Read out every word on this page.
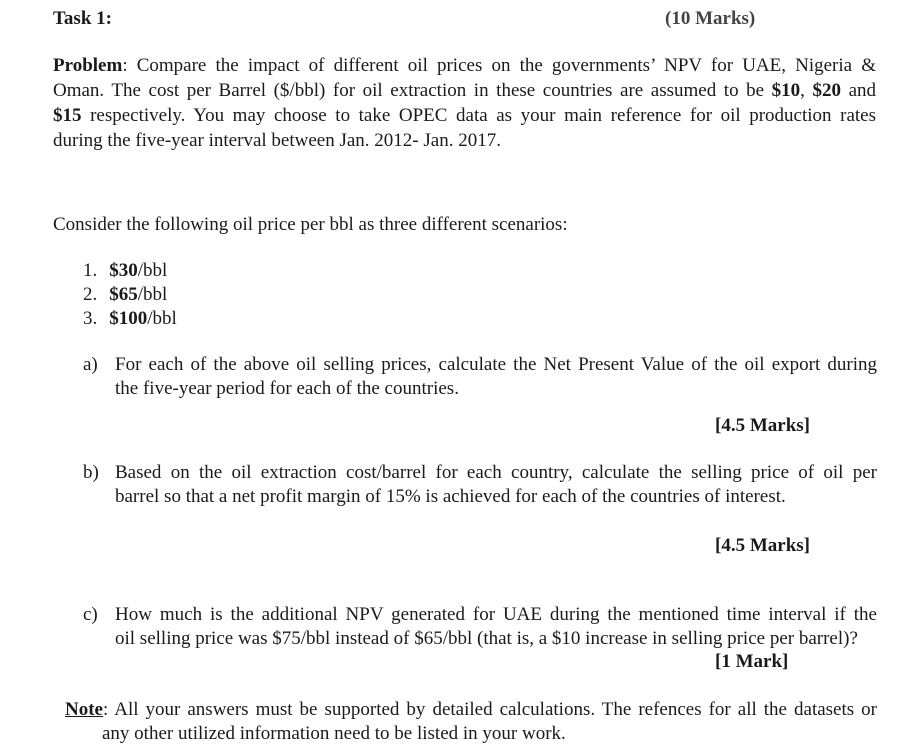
Task 1:	(10 Marks)
Problem: Compare the impact of different oil prices on the governments’ NPV for UAE, Nigeria &
Oman. The cost per Barrel ($/bbl) for oil extraction in these countries are assumed to be $10, $20 and
$15 respectively. You may choose to take OPEC data as your main reference for oil production rates
during the five-year interval between Jan. 2012- Jan. 2017.
Consider the following oil price per bbl as three different scenarios:
1. $30/bbl
2. $65/bbl
3. $100/bbl
a) For each of the above oil selling prices, calculate the Net Present Value of the oil export during
the five-year period for each of the countries.
[4.5 Marks]
b) Based on the oil extraction cost/barrel for each country, calculate the selling price of oil per
barrel so that a net profit margin of 15% is achieved for each of the countries of interest.
[4.5 Marks]
c) How much is the additional NPV generated for UAE during the mentioned time interval if the
oil selling price was $75/bbl instead of $65/bbl (that is, a $10 increase in selling price per barrel)?
[1 Mark]
Note: All your answers must be supported by detailed calculations. The refences for all the datasets or
any other utilized information need to be listed in your work.
